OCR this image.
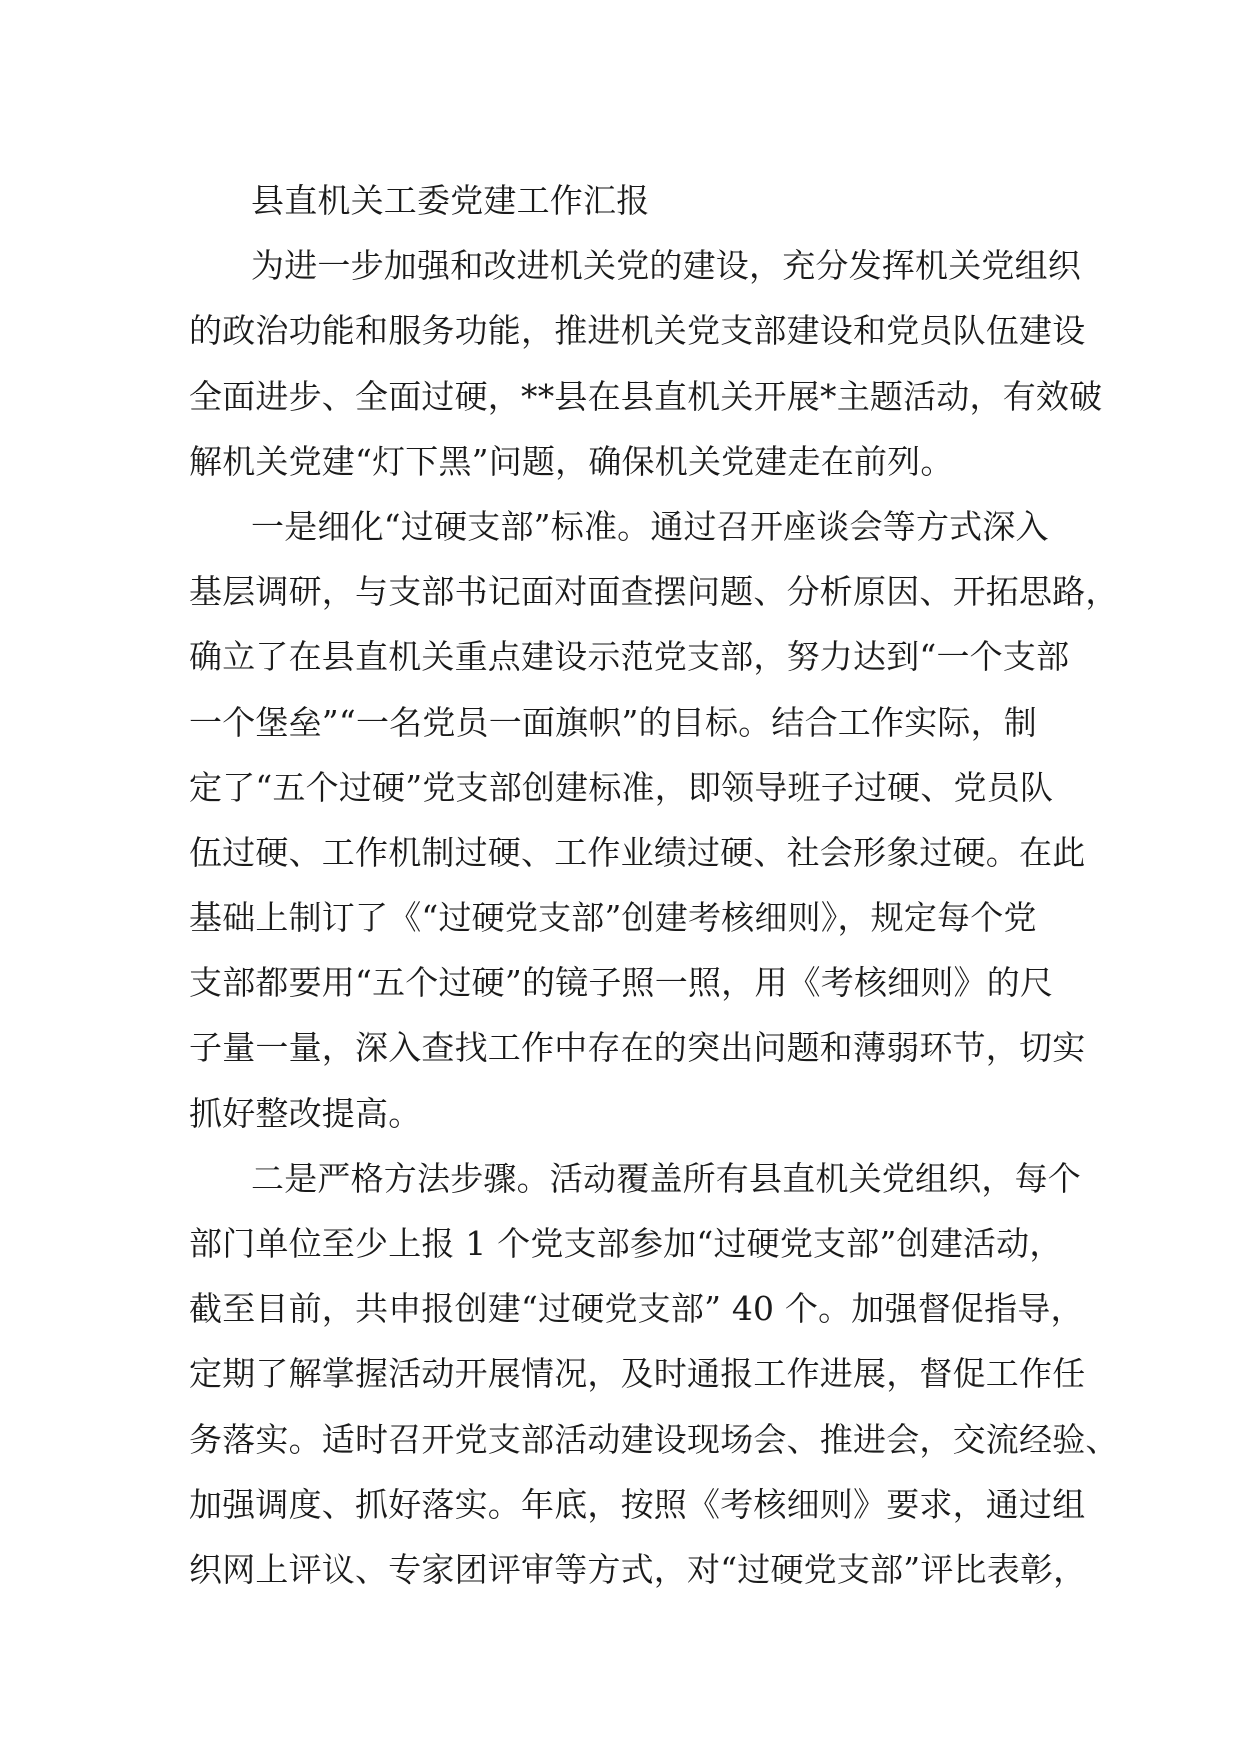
县直机关工委党建工作汇报
为进一步加强和改进机关党的建设，充分发挥机关党组织
的政治功能和服务功能，推进机关党支部建设和党员队伍建设
全面进步、全面过硬，**县在县直机关开展*主题活动，有效破
解机关党建“灯下黑”问题，确保机关党建走在前列。
一是细化“过硬支部”标准。通过召开座谈会等方式深入
基层调研，与支部书记面对面查摆问题、分析原因、开拓思路，
确立了在县直机关重点建设示范党支部，努力达到“一个支部
一个堡垒”“一名党员一面旗帜”的目标。结合工作实际，制
定了“五个过硬”党支部创建标准，即领导班子过硬、党员队
伍过硬、工作机制过硬、工作业绩过硬、社会形象过硬。在此
基础上制订了《“过硬党支部”创建考核细则》，规定每个党
支部都要用“五个过硬”的镜子照一照，用《考核细则》的尺
子量一量，深入查找工作中存在的突出问题和薄弱环节，切实
抓好整改提高。
二是严格方法步骤。活动覆盖所有县直机关党组织，每个
部门单位至少上报 1 个党支部参加“过硬党支部”创建活动，
截至目前，共申报创建“过硬党支部” 40 个。加强督促指导，
定期了解掌握活动开展情况，及时通报工作进展，督促工作任
务落实。适时召开党支部活动建设现场会、推进会，交流经验、
加强调度、抓好落实。年底，按照《考核细则》要求，通过组
织网上评议、专家团评审等方式，对“过硬党支部”评比表彰，
